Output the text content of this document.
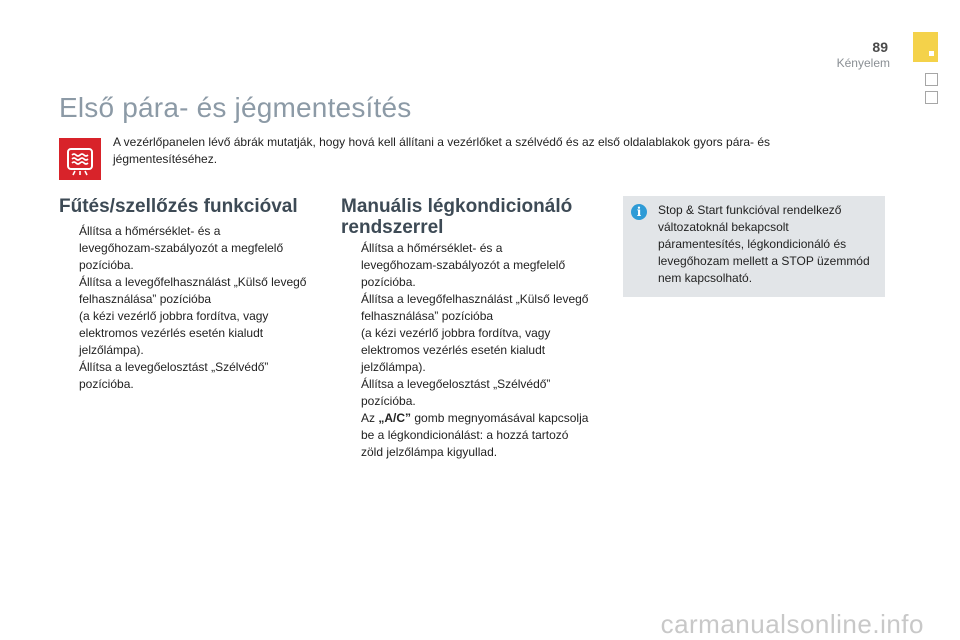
89
Kényelem
Első pára- és jégmentesítés
A vezérlőpanelen lévő ábrák mutatják, hogy hová kell állítani a vezérlőket a szélvédő és az első oldalablakok gyors pára- és jégmentesítéséhez.
Fűtés/szellőzés funkcióval
Állítsa a hőmérséklet- és a
levegőhozam-szabályozót a megfelelő
pozícióba.
Állítsa a levegőfelhasználást „Külső levegő
felhasználása” pozícióba
(a kézi vezérlő jobbra fordítva, vagy
elektromos vezérlés esetén kialudt
jelzőlámpa).
Állítsa a levegőelosztást „Szélvédő”
pozícióba.
Manuális légkondicionáló
rendszerrel
Állítsa a hőmérséklet- és a
levegőhozam-szabályozót a megfelelő
pozícióba.
Állítsa a levegőfelhasználást „Külső levegő
felhasználása” pozícióba
(a kézi vezérlő jobbra fordítva, vagy
elektromos vezérlés esetén kialudt
jelzőlámpa).
Állítsa a levegőelosztást „Szélvédő”
pozícióba.
Az „A/C” gomb megnyomásával kapcsolja
be a légkondicionálást: a hozzá tartozó
zöld jelzőlámpa kigyullad.
i	Stop & Start funkcióval rendelkező
változatoknál bekapcsolt
páramentesítés, légkondicionáló és
levegőhozam mellett a STOP üzemmód
nem kapcsolható.
carmanualsonline.info
